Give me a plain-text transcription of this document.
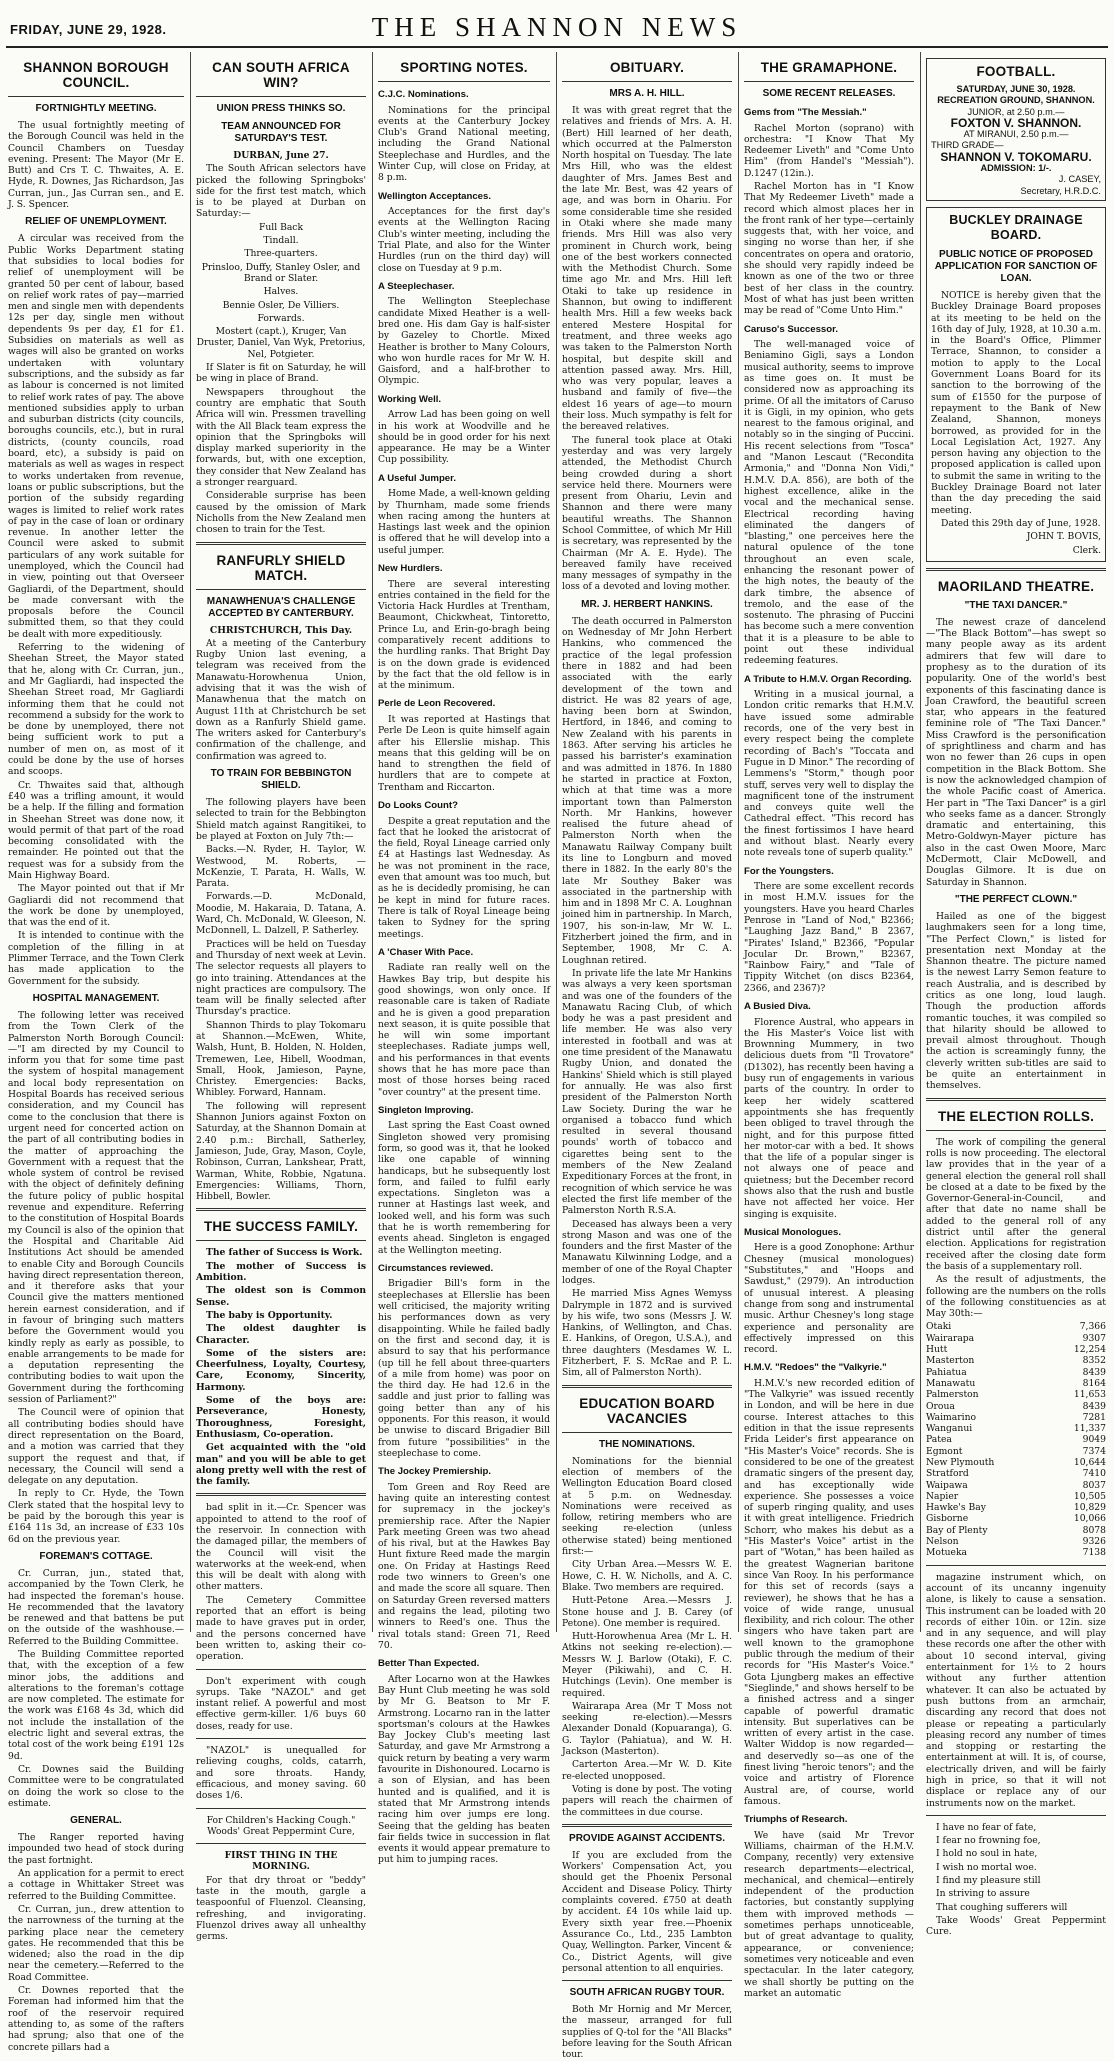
FRIDAY, JUNE 29, 1928.	THE SHANNON NEWS
SHANNON BOROUGH COUNCIL.
FORTNIGHTLY MEETING.

The usual fortnightly meeting of the Borough Council was held in the Council Chambers on Tuesday evening. Present: The Mayor (Mr E. Butt) and Crs T. C. Thwaites, A. E. Hyde, R. Downes, Jas Richardson, Jas Curran, jun., Jas Curran sen., and E. J. S. Spencer.

RELIEF OF UNEMPLOYMENT.

A circular was received from the Public Works Department stating that subsidies to local bodies for relief of unemployment will be granted 50 per cent of labour, based on relief work rates of pay—married men and single men with dependents 12s per day, single men without dependents 9s per day, £1 for £1. Subsidies on materials as well as wages will also be granted on works undertaken with voluntary subscriptions, and the subsidy as far as labour is concerned is not limited to relief work rates of pay. The above mentioned subsidies apply to urban and suburban districts (city councils, boroughs councils, etc.), but in rural districts, (county councils, road board, etc), a subsidy is paid on materials as well as wages in respect to works undertaken from revenue, loans or public subscriptions, but the portion of the subsidy regarding wages is limited to relief work rates of pay in the case of loan or ordinary revenue. In another letter the Council were asked to submit particulars of any work suitable for unemployed, which the Council had in view, pointing out that Overseer Gagliardi, of the Department, should be made conversant with the proposals before the Council submitted them, so that they could be dealt with more expeditiously.

Referring to the widening of Sheehan Street, the Mayor stated that he, along with Cr. Curran, jun., and Mr Gagliardi, had inspected the Sheehan Street road, Mr Gagliardi informing them that he could not recommend a subsidy for the work to be done by unemployed, there not being sufficient work to put a number of men on, as most of it could be done by the use of horses and scoops.

Cr. Thwaites said that, although £40 was a trifling amount, it would be a help. If the filling and formation in Sheehan Street was done now, it would permit of that part of the road becoming consolidated with the remainder. He pointed out that the request was for a subsidy from the Main Highway Board.

The Mayor pointed out that if Mr Gagliardi did not recommend that the work be done by unemployed, that was the end of it.

It is intended to continue with the completion of the filling in at Plimmer Terrace, and the Town Clerk has made application to the Government for the subsidy.

HOSPITAL MANAGEMENT.

The following letter was received from the Town Clerk of the Palmerston North Borough Council:—"I am directed by my Council to inform you that for some time past the system of hospital management and local body representation on Hospital Boards has received serious consideration, and my Council has come to the conclusion that there is urgent need for concerted action on the part of all contributing bodies in the matter of approaching the Government with a request that the whole system of control be revised with the object of definitely defining the future policy of public hospital revenue and expenditure. Referring to the constitution of Hospital Boards my Council is also of the opinion that the Hospital and Charitable Aid Institutions Act should be amended to enable City and Borough Councils having direct representation thereon, and it therefore asks that your Council give the matters mentioned herein earnest consideration, and if in favour of bringing such matters before the Government would you kindly reply as early as possible, to enable arrangements to be made for a deputation representing the contributing bodies to wait upon the Government during the forthcoming session of Parliament?"

The Council were of opinion that all contributing bodies should have direct representation on the Board, and a motion was carried that they support the request and that, if necessary, the Council will send a delegate on any deputation.

In reply to Cr. Hyde, the Town Clerk stated that the hospital levy to be paid by the borough this year is £164 11s 3d, an increase of £33 10s 6d on the previous year.

FOREMAN'S COTTAGE.

Cr. Curran, jun., stated that, accompanied by the Town Clerk, he had inspected the foreman's house. He recommended that the lavatory be renewed and that battens be put on the outside of the washhouse.—Referred to the Building Committee.

The Building Committee reported that, with the exception of a few minor jobs, the additions and alterations to the foreman's cottage are now completed. The estimate for the work was £168 4s 3d, which did not include the installation of the electric light and several extras, the total cost of the work being £191 12s 9d.

Cr. Downes said the Building Committee were to be congratulated on doing the work so close to the estimate.

GENERAL.

The Ranger reported having impounded two head of stock during the past fortnight.

An application for a permit to erect a cottage in Whittaker Street was referred to the Building Committee.

Cr. Curran, jun., drew attention to the narrowness of the turning at the parking place near the cemetery gates. He recommended that this be widened; also the road in the dip near the cemetery.—Referred to the Road Committee.

Cr. Downes reported that the Foreman had informed him that the roof of the reservoir required attending to, as some of the rafters had sprung; also that one of the concrete pillars had a

CAN SOUTH AFRICA WIN?
UNION PRESS THINKS SO.
TEAM ANNOUNCED FOR SATURDAY'S TEST.

DURBAN, June 27.

The South African selectors have picked the following Springboks' side for the first test match, which is to be played at Durban on Saturday:—

Full Back

Tindall.

Three-quarters.

Prinsloo, Duffy, Stanley Osler, and Brand or Slater.

Halves.

Bennie Osler, De Villiers.

Forwards.

Mostert (capt.), Kruger, Van Druster, Daniel, Van Wyk, Pretorius, Nel, Potgieter.

If Slater is fit on Saturday, he will be wing in place of Brand.

Newspapers throughout the country are emphatic that South Africa will win. Pressmen travelling with the All Black team express the opinion that the Springboks will display marked superiority in the forwards, but, with one exception, they consider that New Zealand has a stronger rearguard.

Considerable surprise has been caused by the omission of Mark Nicholls from the New Zealand men chosen to train for the Test.

RANFURLY SHIELD MATCH.
MANAWHENUA'S CHALLENGE ACCEPTED BY CANTERBURY.

CHRISTCHURCH, This Day.

At a meeting of the Canterbury Rugby Union last evening, a telegram was received from the Manawatu-Horowhenua Union, advising that it was the wish of Manawhenua that the match on August 11th at Christchurch be set down as a Ranfurly Shield game. The writers asked for Canterbury's confirmation of the challenge, and confirmation was agreed to.

TO TRAIN FOR BEBBINGTON SHIELD.

The following players have been selected to train for the Bebbington Shield match against Rangitikei, to be played at Foxton on July 7th:—

Backs.—N. Ryder, H. Taylor, W. Westwood, M. Roberts, — McKenzie, T. Parata, H. Walls, W. Parata.

Forwards.—D. McDonald, Moodie, M. Hakaraia, D. Tatana, A. Ward, Ch. McDonald, W. Gleeson, N. McDonnell, L. Dalzell, P. Satherley.

Practices will be held on Tuesday and Thursday of next week at Levin. The selector requests all players to go into training. Attendances at the night practices are compulsory. The team will be finally selected after Thursday's practice.

Shannon Thirds to play Tokomaru at Shannon.—McEwen, White, Walsh, Hunt, B. Holden, N. Holden, Tremewen, Lee, Hibell, Woodman, Small, Hook, Jamieson, Payne, Christey. Emergencies: Backs, Whibley. Forward, Hannam.

The following will represent Shannon Juniors against Foxton on Saturday, at the Shannon Domain at 2.40 p.m.: Birchall, Satherley, Jamieson, Jude, Gray, Mason, Coyle, Robinson, Curran, Lankshear, Pratt, Warman, White, Robbie, Ngatuna. Emergencies: Williams, Thorn, Hibbell, Bowler.

THE SUCCESS FAMILY.

The father of Success is Work.

The mother of Success is Ambition.

The oldest son is Common Sense.

The baby is Opportunity.

The oldest daughter is Character.

Some of the sisters are: Cheerfulness, Loyalty, Courtesy, Care, Economy, Sincerity, Harmony.

Some of the boys are: Perseverance, Honesty, Thoroughness, Foresight, Enthusiasm, Co-operation.

Get acquainted with the "old man" and you will be able to get along pretty well with the rest of the family.

bad split in it.—Cr. Spencer was appointed to attend to the roof of the reservoir. In connection with the damaged pillar, the members of the Council will visit the waterworks at the week-end, when this will be dealt with along with other matters.

The Cemetery Committee reported that an effort is being made to have graves put in order, and the persons concerned have been written to, asking their co-operation.

Don't experiment with cough syrups. Take "NAZOL" and get instant relief. A powerful and most effective germ-killer. 1/6 buys 60 doses, ready for use.

"NAZOL" is unequalled for relieving coughs, colds, catarrh, and sore throats. Handy, efficacious, and money saving. 60 doses 1/6.

For Children's Hacking Cough." Woods' Great Peppermint Cure,

FIRST THING IN THE MORNING.

For that dry throat or "beddy" taste in the mouth, gargle a teaspoonful of Fluenzol. Cleansing, refreshing, and invigorating. Fluenzol drives away all unhealthy germs.

SPORTING NOTES.
C.J.C. Nominations.

Nominations for the principal events at the Canterbury Jockey Club's Grand National meeting, including the Grand National Steeplechase and Hurdles, and the Winter Cup, will close on Friday, at 8 p.m.

Wellington Acceptances.

Acceptances for the first day's events at the Wellington Racing Club's winter meeting, including the Trial Plate, and also for the Winter Hurdles (run on the third day) will close on Tuesday at 9 p.m.

A Steeplechaser.

The Wellington Steeplechase candidate Mixed Heather is a well-bred one. His dam Gay is half-sister by Gazeley to Chortle. Mixed Heather is brother to Many Colours, who won hurdle races for Mr W. H. Gaisford, and a half-brother to Olympic.

Working Well.

Arrow Lad has been going on well in his work at Woodville and he should be in good order for his next appearance. He may be a Winter Cup possibility.

A Useful Jumper.

Home Made, a well-known gelding by Thurnham, made some friends when racing among the hunters at Hastings last week and the opinion is offered that he will develop into a useful jumper.

New Hurdlers.

There are several interesting entries contained in the field for the Victoria Hack Hurdles at Trentham, Beaumont, Chickwheat, Tintoretto, Prince Lu, and Erin-go-bragh being comparatively recent additions to the hurdling ranks. That Bright Day is on the down grade is evidenced by the fact that the old fellow is in at the minimum.

Perle de Leon Recovered.

It was reported at Hastings that Perle De Leon is quite himself again after his Ellerslie mishap. This means that this gelding will be on hand to strengthen the field of hurdlers that are to compete at Trentham and Riccarton.

Do Looks Count?

Despite a great reputation and the fact that he looked the aristocrat of the field, Royal Lineage carried only £4 at Hastings last Wednesday. As he was not prominent in the race, even that amount was too much, but as he is decidedly promising, he can be kept in mind for future races. There is talk of Royal Lineage being taken to Sydney for the spring meetings.

A 'Chaser With Pace.

Radiate ran really well on the Hawkes Bay trip, but despite his good showings, won only once. If reasonable care is taken of Radiate and he is given a good preparation next season, it is quite possible that he will win some important steeplechases. Radiate jumps well, and his performances in that events shows that he has more pace than most of those horses being raced "over country" at the present time.

Singleton Improving.

Last spring the East Coast owned Singleton showed very promising form, so good was it, that he looked like one capable of winning handicaps, but he subsequently lost form, and failed to fulfil early expectations. Singleton was a runner at Hastings last week, and looked well, and his form was such that he is worth remembering for events ahead. Singleton is engaged at the Wellington meeting.

Circumstances reviewed.

Brigadier Bill's form in the steeplechases at Ellerslie has been well criticised, the majority writing his performances down as very disappointing. While he failed badly on the first and second day, it is absurd to say that his performance (up till he fell about three-quarters of a mile from home) was poor on the third day. He had 12.6 in the saddle and just prior to falling was going better than any of his opponents. For this reason, it would be unwise to discard Brigadier Bill from future "possibilities" in the steeplechase to come.

The Jockey Premiership.

Tom Green and Roy Reed are having quite an interesting contest for supremacy in the jockey's premiership race. After the Napier Park meeting Green was two ahead of his rival, but at the Hawkes Bay Hunt fixture Reed made the margin one. On Friday at Hastings Reed rode two winners to Green's one and made the score all square. Then on Saturday Green reversed matters and regains the lead, piloting two winners to Reed's one. Thus the rival totals stand: Green 71, Reed 70.

Better Than Expected.

After Locarno won at the Hawkes Bay Hunt Club meeting he was sold by Mr G. Beatson to Mr F. Armstrong. Locarno ran in the latter sportsman's colours at the Hawkes Bay Jockey Club's meeting last Saturday, and gave Mr Armstrong a quick return by beating a very warm favourite in Dishonoured. Locarno is a son of Elysian, and has been hunted and is qualified, and it is stated that Mr Armstrong intends racing him over jumps ere long. Seeing that the gelding has beaten fair fields twice in succession in flat events it would appear premature to put him to jumping races.

OBITUARY.
MRS A. H. HILL.

It was with great regret that the relatives and friends of Mrs. A. H. (Bert) Hill learned of her death, which occurred at the Palmerston North hospital on Tuesday. The late Mrs Hill, who was the eldest daughter of Mrs. James Best and the late Mr. Best, was 42 years of age, and was born in Ohariu. For some considerable time she resided in Otaki where she made many friends. Mrs Hill was also very prominent in Church work, being one of the best workers connected with the Methodist Church. Some time ago Mr. and Mrs. Hill left Otaki to take up residence in Shannon, but owing to indifferent health Mrs. Hill a few weeks back entered Mestere Hospital for treatment, and three weeks ago was taken to the Palmerston North hospital, but despite skill and attention passed away. Mrs. Hill, who was very popular, leaves a husband and family of five—the eldest 16 years of age—to mourn their loss. Much sympathy is felt for the bereaved relatives.

The funeral took place at Otaki yesterday and was very largely attended, the Methodist Church being crowded during a short service held there. Mourners were present from Ohariu, Levin and Shannon and there were many beautiful wreaths. The Shannon School Committee, of which Mr Hill is secretary, was represented by the Chairman (Mr A. E. Hyde). The bereaved family have received many messages of sympathy in the loss of a devoted and loving mother.

MR. J. HERBERT HANKINS.

The death occurred in Palmerston on Wednesday of Mr John Herbert Hankins, who commenced the practice of the legal profession there in 1882 and had been associated with the early development of the town and district. He was 82 years of age, having been born at Swindon, Hertford, in 1846, and coming to New Zealand with his parents in 1863. After serving his articles he passed his barrister's examination and was admitted in 1876. In 1880 he started in practice at Foxton, which at that time was a more important town than Palmerston North. Mr Hankins, however realised the future ahead of Palmerston North when the Manawatu Railway Company built its line to Longburn and moved there in 1882. In the early 80's the late Mr Southey Baker was associated in the partnership with him and in 1898 Mr C. A. Loughnan joined him in partnership. In March, 1907, his son-in-law, Mr W. L. Fitzherbert joined the firm, and in September, 1908, Mr C. A. Loughnan retired.

In private life the late Mr Hankins was always a very keen sportsman and was one of the founders of the Manawatu Racing Club, of which body he was a past president and life member. He was also very interested in football and was at one time president of the Manawatu Rugby Union, and donated the Hankins' Shield which is still played for annually. He was also first president of the Palmerston North Law Society. During the war he organised a tobacco fund which resulted in several thousand pounds' worth of tobacco and cigarettes being sent to the members of the New Zealand Expeditionary Forces at the front, in recognition of which service he was elected the first life member of the Palmerston North R.S.A.

Deceased has always been a very strong Mason and was one of the founders and the first Master of the Manawatu Kilwinning Lodge, and a member of one of the Royal Chapter lodges.

He married Miss Agnes Wemyss Dalrymple in 1872 and is survived by his wife, two sons (Messrs J. W. Hankins, of Wellington, and Chas. E. Hankins, of Oregon, U.S.A.), and three daughters (Mesdames W. L. Fitzherbert, F. S. McRae and P. L. Sim, all of Palmerston North).

EDUCATION BOARD VACANCIES
THE NOMINATIONS.

Nominations for the biennial election of members of the Wellington Education Board closed at 5 p.m. on Wednesday. Nominations were received as follow, retiring members who are seeking re-election (unless otherwise stated) being mentioned first:—

City Urban Area.—Messrs W. E. Howe, C. H. W. Nicholls, and A. C. Blake. Two members are required.

Hutt-Petone Area.—Messrs J. Stone house and J. B. Carey (of Petone). One member is required.

Hutt-Horowhenua Area (Mr L. H. Atkins not seeking re-election).—Messrs W. J. Barlow (Otaki), F. C. Meyer (Pikiwahi), and C. H. Hutchings (Levin). One member is required.

Wairarapa Area (Mr T Moss not seeking re-election).—Messrs Alexander Donald (Kopuaranga), G. G. Taylor (Pahiatua), and W. H. Jackson (Masterton).

Carterton Area.—Mr W. D. Kite re-elected unopposed.

Voting is done by post. The voting papers will reach the chairmen of the committees in due course.

PROVIDE AGAINST ACCIDENTS.

If you are excluded from the Workers' Compensation Act, you should get the Phoenix Personal Accident and Disease Policy. Thirty complaints covered. £750 at death by accident. £4 10s while laid up. Every sixth year free.—Phoenix Assurance Co., Ltd., 235 Lambton Quay, Wellington. Parker, Vincent & Co., District Agents, will give personal attention to all enquiries.

SOUTH AFRICAN RUGBY TOUR.

Both Mr Hornig and Mr Mercer, the masseur, arranged for full supplies of Q-tol for the "All Blacks" before leaving for the South African tour.

THE GRAMAPHONE.
SOME RECENT RELEASES.
Gems from "The Messiah."

Rachel Morton (soprano) with orchestra: "I Know That My Redeemer Liveth" and "Come Unto Him" (from Handel's "Messiah"). D.1247 (12in.).

Rachel Morton has in "I Know That My Redeemer Liveth" made a record which almost places her in the front rank of her type—certainly suggests that, with her voice, and singing no worse than her, if she concentrates on opera and oratorio, she should very rapidly indeed be known as one of the two or three best of her class in the country. Most of what has just been written may be read of "Come Unto Him."

Caruso's Successor.

The well-managed voice of Beniamino Gigli, says a London musical authority, seems to improve as time goes on. It must be considered now as approaching its prime. Of all the imitators of Caruso it is Gigli, in my opinion, who gets nearest to the famous original, and notably so in the singing of Puccini. His recent selections from "Tosca" and "Manon Lescaut ("Recondita Armonia," and "Donna Non Vidi," H.M.V. D.A. 856), are both of the highest excellence, alike in the vocal and the mechanical sense. Electrical recording having eliminated the dangers of "blasting," one perceives here the natural opulence of the tone throughout an even scale, enhancing the resonant power of the high notes, the beauty of the dark timbre, the absence of tremolo, and the ease of the sostenuto. The phrasing of Puccini has become such a mere convention that it is a pleasure to be able to point out these individual redeeming features.

A Tribute to H.M.V. Organ Recording.

Writing in a musical journal, a London critic remarks that H.M.V. have issued some admirable records, one of the very best in every respect being the complete recording of Bach's "Toccata and Fugue in D Minor." The recording of Lemmens's "Storm," though poor stuff, serves very well to display the magnificent tone of the instrument and conveys quite well the Cathedral effect. "This record has the finest fortissimos I have heard and without blast. Nearly every note reveals tone of superb quality."

For the Youngsters.

There are some excellent records in most H.M.V. issues for the youngsters. Have you heard Charles Penrose in "Land of Nod," B2366; "Laughing Jazz Band," B 2367, "Pirates' Island," B2366, "Popular Jocular Dr. Brown," B2367, "Rainbow Fairy," and "Tale of Tippity Witchet (on discs B2364, 2366, and 2367)?

A Busied Diva.

Florence Austral, who appears in the His Master's Voice list with Brownning Mummery, in two delicious duets from "Il Trovatore" (D1302), has recently been having a busy run of engagements in various parts of the country. In order to keep her widely scattered appointments she has frequently been obliged to travel through the night, and for this purpose fitted her motor-car with a bed. It shows that the life of a popular singer is not always one of peace and quietness; but the December record shows also that the rush and bustle have not affected her voice. Her singing is exquisite.

Musical Monologues.

Here is a good Zonophone: Arthur Chesney (musical monologues) "Substitutes," and "Hoops and Sawdust," (2979). An introduction of unusual interest. A pleasing change from song and instrumental music. Arthur Chesney's long stage experience and personality are effectively impressed on this record.

H.M.V. "Redoes" the "Valkyrie."

H.M.V.'s new recorded edition of "The Valkyrie" was issued recently in London, and will be here in due course. Interest attaches to this edition in that the issue represents Frida Leider's first appearance on "His Master's Voice" records. She is considered to be one of the greatest dramatic singers of the present day, and has exceptionally wide experience. She possesses a voice of superb ringing quality, and uses it with great intelligence. Friedrich Schorr, who makes his debut as a "His Master's Voice" artist in the part of "Wotan," has been hailed as the greatest Wagnerian baritone since Van Rooy. In his performance for this set of records (says a reviewer), he shows that he has a voice of wide range, unusual flexibility, and rich colour. The other singers who have taken part are well known to the gramophone public through the medium of their records for "His Master's Voice." Gota Ljungberg makes an effective "Sieglinde," and shows herself to be a finished actress and a singer capable of powerful dramatic intensity. But superlatives can be written of every artist in the case. Walter Widdop is now regarded—and deservedly so—as one of the finest living "heroic tenors"; and the voice and artistry of Florence Austral are, of course, world famous.

Triumphs of Research.

We have (said Mr Trevor Williams, chairman of the H.M.V. Company, recently) very extensive research departments—electrical, mechanical, and chemical—entirely independent of the production factories, but constantly supplying them with improved methods —sometimes perhaps unnoticeable, but of great advantage to quality, appearance, or convenience; sometimes very noticeable and even spectacular. In the later category, we shall shortly be putting on the market an automatic

FOOTBALL.
SATURDAY, JUNE 30, 1928.
RECREATION GROUND, SHANNON.
JUNIOR, at 2.50 p.m.—
FOXTON V. SHANNON.
AT MIRANUI, 2.50 p.m.—
THIRD GRADE—
SHANNON V. TOKOMARU.
ADMISSION: 1/-.
J. CASEY,
Secretary, H.R.D.C.
BUCKLEY DRAINAGE BOARD.
PUBLIC NOTICE OF PROPOSED APPLICATION FOR SANCTION OF LOAN.

NOTICE is hereby given that the Buckley Drainage Board proposes at its meeting to be held on the 16th day of July, 1928, at 10.30 a.m. in the Board's Office, Plimmer Terrace, Shannon, to consider a motion to apply to the Local Government Loans Board for its sanction to the borrowing of the sum of £1550 for the purpose of repayment to the Bank of New Zealand, Shannon, moneys borrowed, as provided for in the Local Legislation Act, 1927. Any person having any objection to the proposed application is called upon to submit the same in writing to the Buckley Drainage Board not later than the day preceding the said meeting.

Dated this 29th day of June, 1928.

JOHN T. BOVIS,

Clerk.

MAORILAND THEATRE.
"THE TAXI DANCER."

The newest craze of dancelend—"The Black Bottom"—has swept so many people away as its ardent admirers that few will dare to prophesy as to the duration of its popularity. One of the world's best exponents of this fascinating dance is Joan Crawford, the beautiful screen star, who appears in the featured feminine role of "The Taxi Dancer." Miss Crawford is the personification of sprightliness and charm and has won no fewer than 26 cups in open competition in the Black Bottom. She is now the acknowledged champion of the whole Pacific coast of America. Her part in "The Taxi Dancer" is a girl who seeks fame as a dancer. Strongly dramatic and entertaining, this Metro-Goldwyn-Mayer picture has also in the cast Owen Moore, Marc McDermott, Clair McDowell, and Douglas Gilmore. It is due on Saturday in Shannon.

"THE PERFECT CLOWN."

Hailed as one of the biggest laughmakers seen for a long time, "The Perfect Clown," is listed for presentation next Monday at the Shannon theatre. The picture named is the newest Larry Semon feature to reach Australia, and is described by critics as one long, loud laugh. Though the production affords romantic touches, it was compiled so that hilarity should be allowed to prevail almost throughout. Though the action is screamingly funny, the cleverly written sub-titles are said to be quite an entertainment in themselves.

THE ELECTION ROLLS.

The work of compiling the general rolls is now proceeding. The electoral law provides that in the year of a general election the general roll shall be closed at a date to be fixed by the Governor-General-in-Council, and after that date no name shall be added to the general roll of any district until after the general election. Applications for registration received after the closing date form the basis of a supplementary roll.

As the result of adjustments, the following are the numbers on the rolls of the following constituencies as at May 30th:—

Otaki	7,366
Wairarapa	9307
Hutt	12,254
Masterton	8352
Pahiatua	8439
Manawatu	8164
Palmerston	11,653
Oroua	8439
Waimarino	7281
Wanganui	11,337
Patea	9049
Egmont	7374
New Plymouth	10,644
Stratford	7410
Waipawa	8037
Napier	10,505
Hawke's Bay	10,829
Gisborne	10,066
Bay of Plenty	8078
Nelson	9326
Motueka	7138

magazine instrument which, on account of its uncanny ingenuity alone, is likely to cause a sensation. This instrument can be loaded with 20 records of either 10in. or 12in. size and in any sequence, and will play these records one after the other with about 10 second interval, giving entertainment for 1½ to 2 hours without any further attention whatever. It can also be actuated by push buttons from an armchair, discarding any record that does not please or repeating a particularly pleasing record any number of times and stopping or restarting the entertainment at will. It is, of course, electrically driven, and will be fairly high in price, so that it will not displace or replace any of our instruments now on the market.

I have no fear of fate,

I fear no frowning foe,

I hold no soul in hate,

I wish no mortal woe.

I find my pleasure still

In striving to assure

That coughing sufferers will

Take Woods' Great Peppermint Cure.
